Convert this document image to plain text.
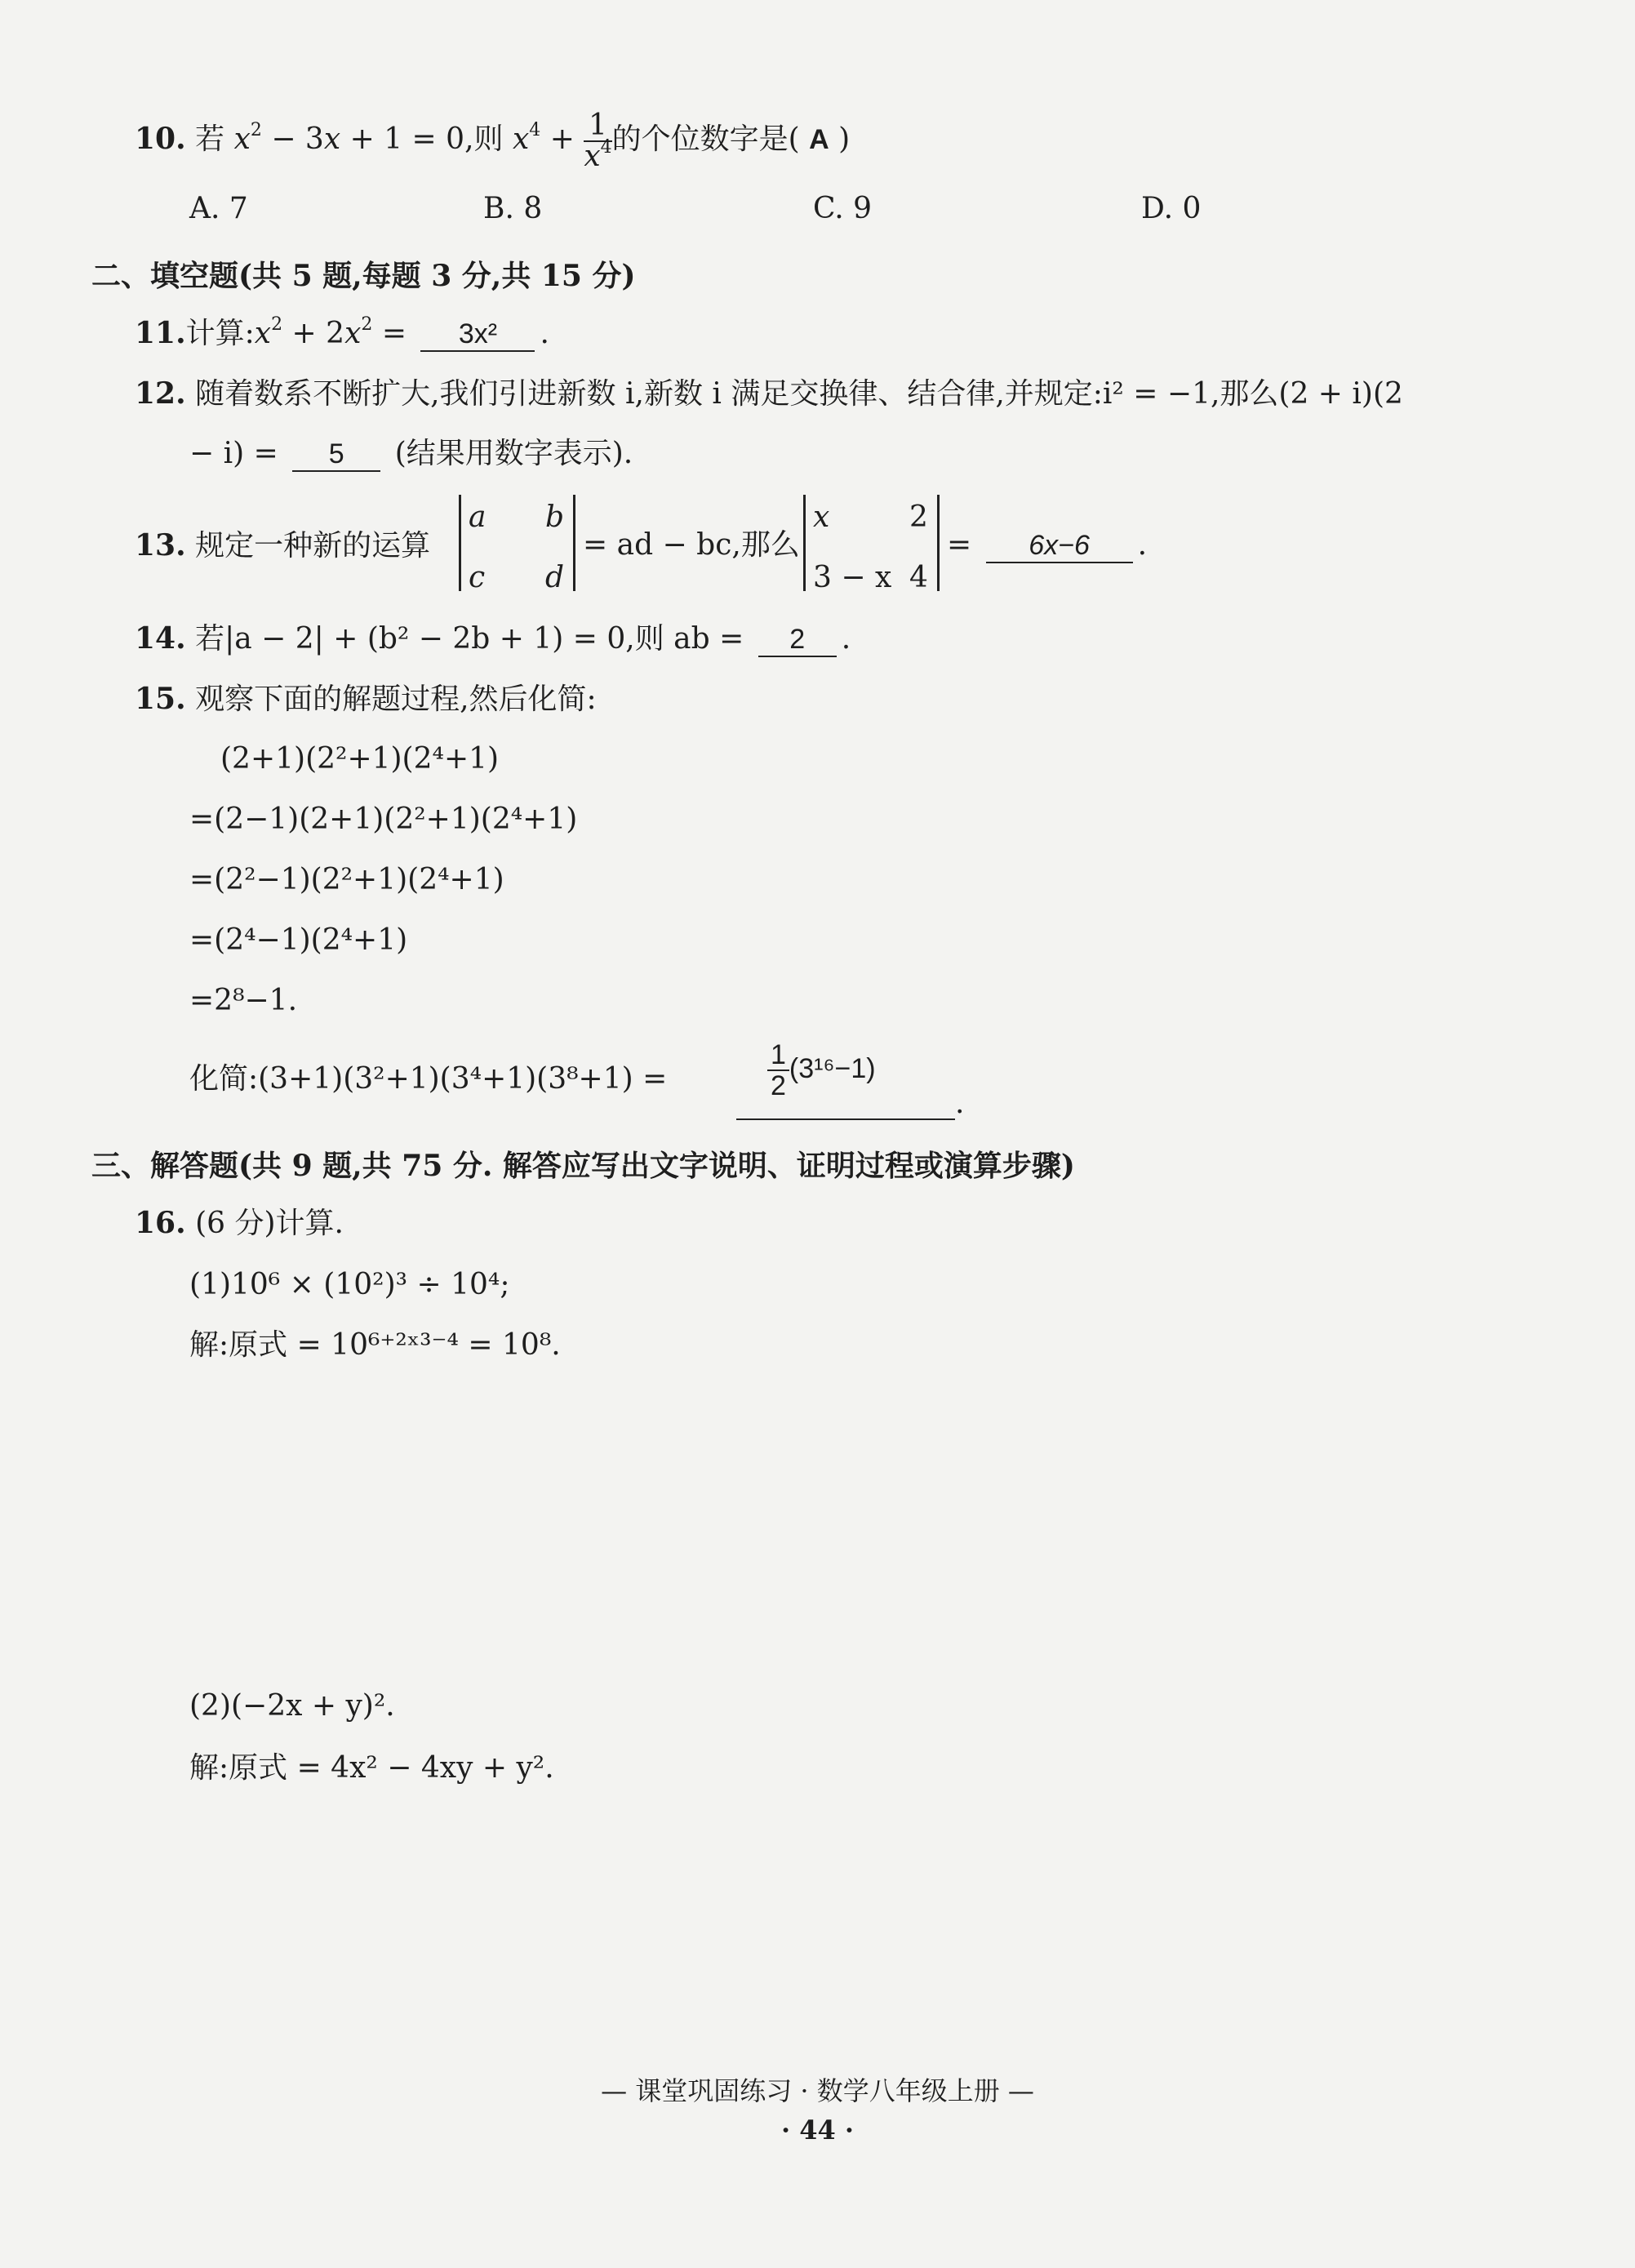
10. 若 $x^2 - 3x + 1 = 0$,则 $x^4 + \frac{1}{x^4}$ 的个位数字是( A )
A. 7	B. 8	C. 9	D. 0
二、填空题(共 5 题,每题 3 分,共 15 分)
11.计算$:x^2 + 2x^2 = 3x^2$ .
12. 随着数系不断扩大,我们引进新数 i,新数 i 满足交换律、结合律,并规定:i² = −1,那么(2 + i)(2
− i) = 5 (结果用数字表示).
13. 规定一种新的运算
a b
c d
= ad − bc,那么
x	2
3 − x 4
= 6x−6 .
14. 若|a − 2| + (b² − 2b + 1) = 0,则 ab = 2 .
15. 观察下面的解题过程,然后化简:
(2+1)(2²+1)(2⁴+1)
=(2−1)(2+1)(2²+1)(2⁴+1)
=(2²−1)(2²+1)(2⁴+1)
=(2⁴−1)(2⁴+1)
=2⁸−1.
化简:(3+1)(3²+1)(3⁴+1)(3⁸+1) =	$\frac{1}{2} (3^{16}-1)$
.
三、解答题(共 9 题,共 75 分. 解答应写出文字说明、证明过程或演算步骤)
16. (6 分)计算.
(1)10⁶ × (10²)³ ÷ 10⁴;
解:原式 = 10⁶⁺²ˣ³⁻⁴ = 10⁸.
(2)(−2x + y)².
解:原式 = 4x² − 4xy + y².
— 课堂巩固练习 · 数学八年级上册 —
· 44 ·
